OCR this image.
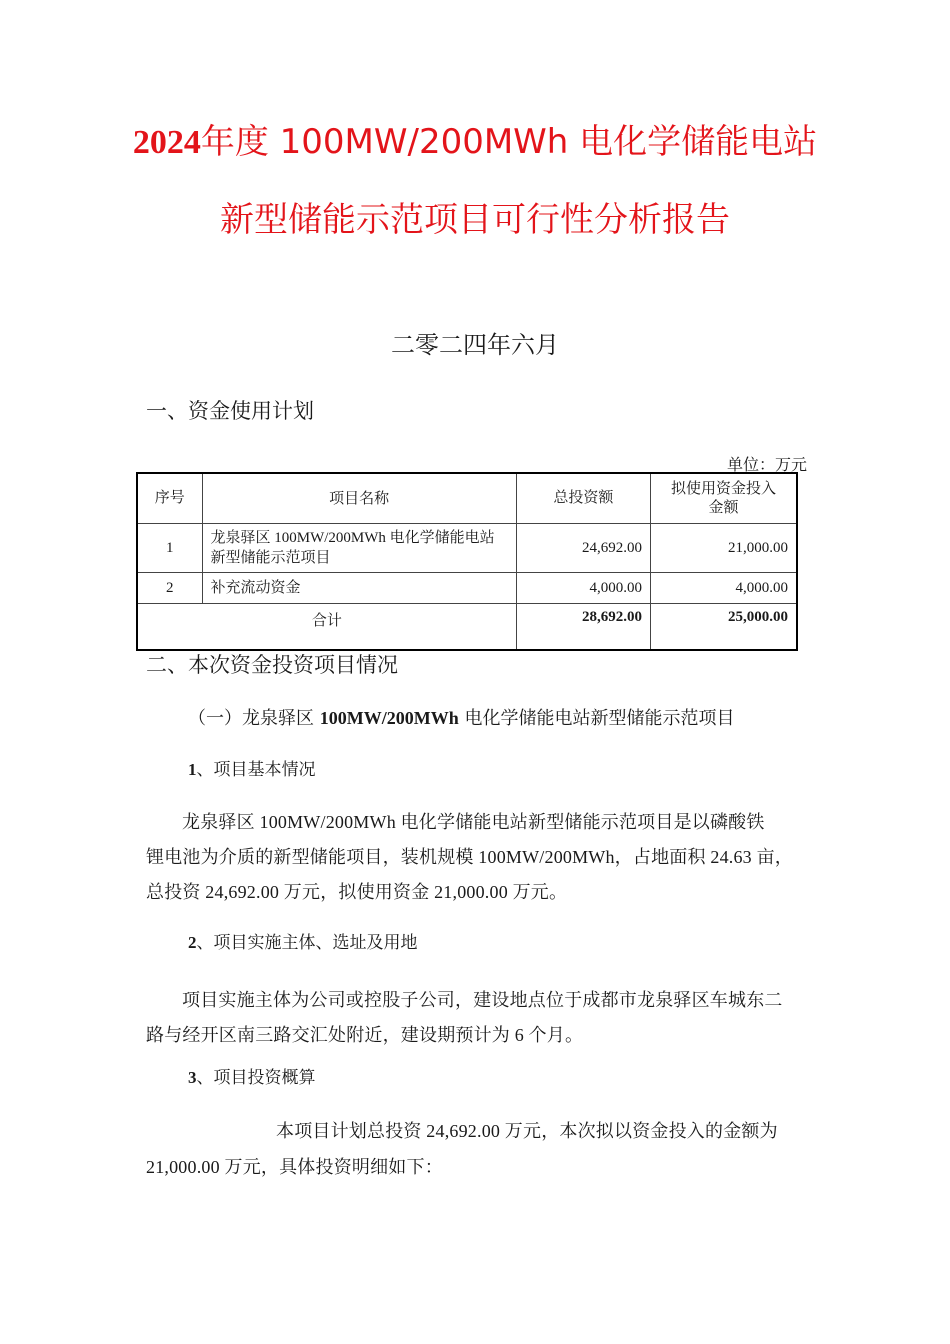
2024年度 100MW/200MWh 电化学储能电站
新型储能示范项目可行性分析报告
二零二四年六月
一、资金使用计划
单位：万元
序号	项目名称	总投资额	拟使用资金投入金额
1	龙泉驿区 100MW/200MWh 电化学储能电站新型储能示范项目	24,692.00	21,000.00
2	补充流动资金	4,000.00	4,000.00
合计		28,692.00	25,000.00
二、本次资金投资项目情况
（一）龙泉驿区 100MW/200MWh 电化学储能电站新型储能示范项目
1、项目基本情况
龙泉驿区 100MW/200MWh 电化学储能电站新型储能示范项目是以磷酸铁
锂电池为介质的新型储能项目，装机规模 100MW/200MWh，占地面积 24.63 亩，
总投资 24,692.00 万元，拟使用资金 21,000.00 万元。
2、项目实施主体、选址及用地
项目实施主体为公司或控股子公司，建设地点位于成都市龙泉驿区车城东二
路与经开区南三路交汇处附近，建设期预计为 6 个月。
3、项目投资概算
本项目计划总投资 24,692.00 万元，本次拟以资金投入的金额为
21,000.00 万元，具体投资明细如下：
